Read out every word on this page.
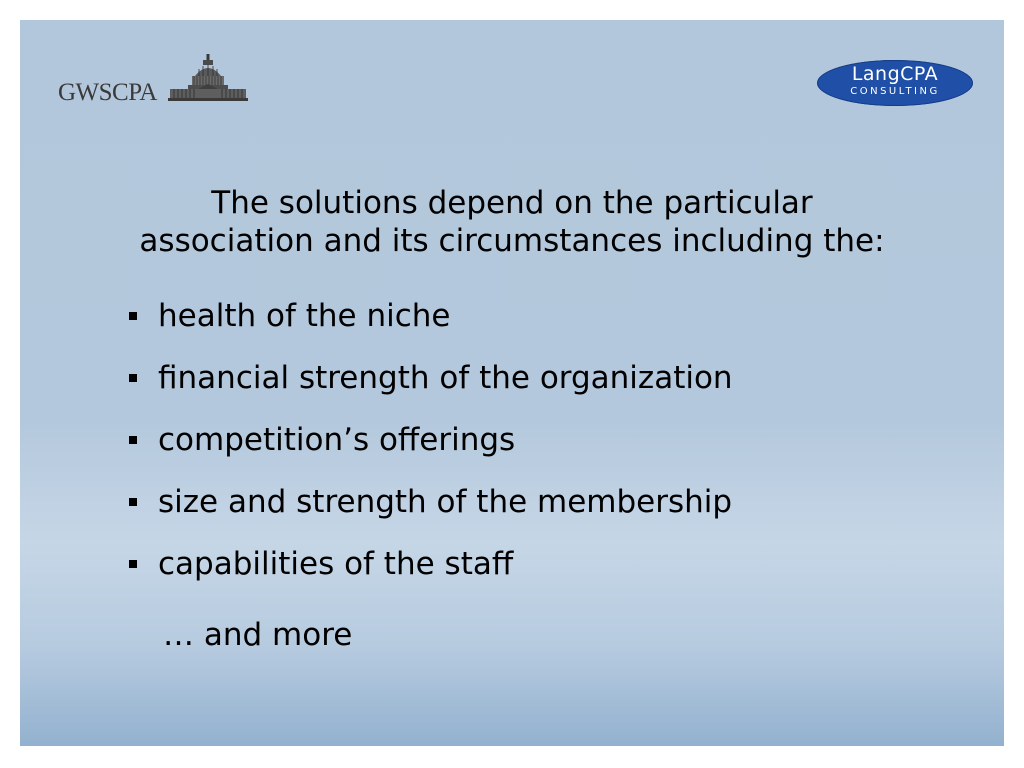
GWSCPA
LangCPA
CONSULTING
The solutions depend on the particular
association and its circumstances including the:
health of the niche
financial strength of the organization
competition’s offerings
size and strength of the membership
capabilities of the staff
… and more
